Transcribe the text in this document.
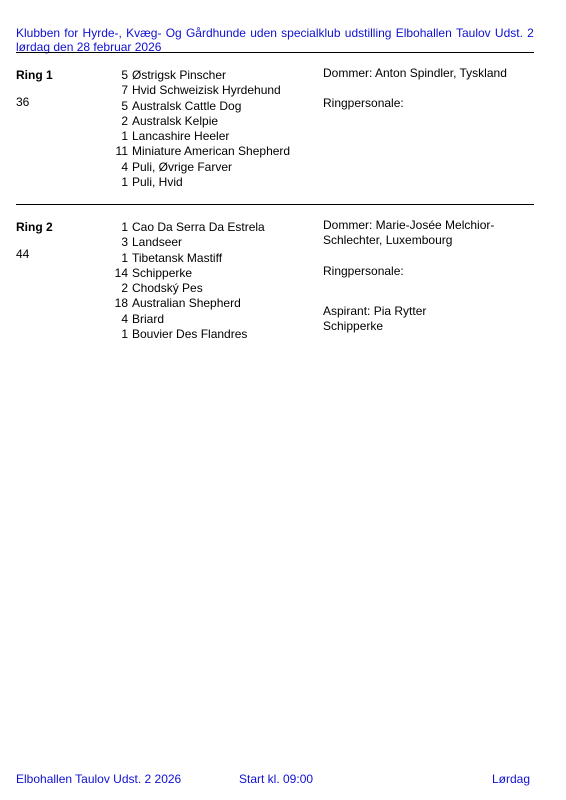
Klubben for Hyrde-, Kvæg- Og Gårdhunde uden specialklub udstilling Elbohallen Taulov Udst. 2
lørdag den 28 februar 2026
Ring 1
36
5 Østrigsk Pinscher
7 Hvid Schweizisk Hyrdehund
5 Australsk Cattle Dog
2 Australsk Kelpie
1 Lancashire Heeler
11 Miniature American Shepherd
4 Puli, Øvrige Farver
1 Puli, Hvid
Dommer: Anton Spindler, Tyskland
Ringpersonale:
Ring 2
44
1 Cao Da Serra Da Estrela
3 Landseer
1 Tibetansk Mastiff
14 Schipperke
2 Chodský Pes
18 Australian Shepherd
4 Briard
1 Bouvier Des Flandres
Dommer: Marie-Josée Melchior-
Schlechter, Luxembourg
Ringpersonale:
Aspirant: Pia Rytter
Schipperke
Elbohallen Taulov Udst. 2 2026	Start kl. 09:00	Lørdag
